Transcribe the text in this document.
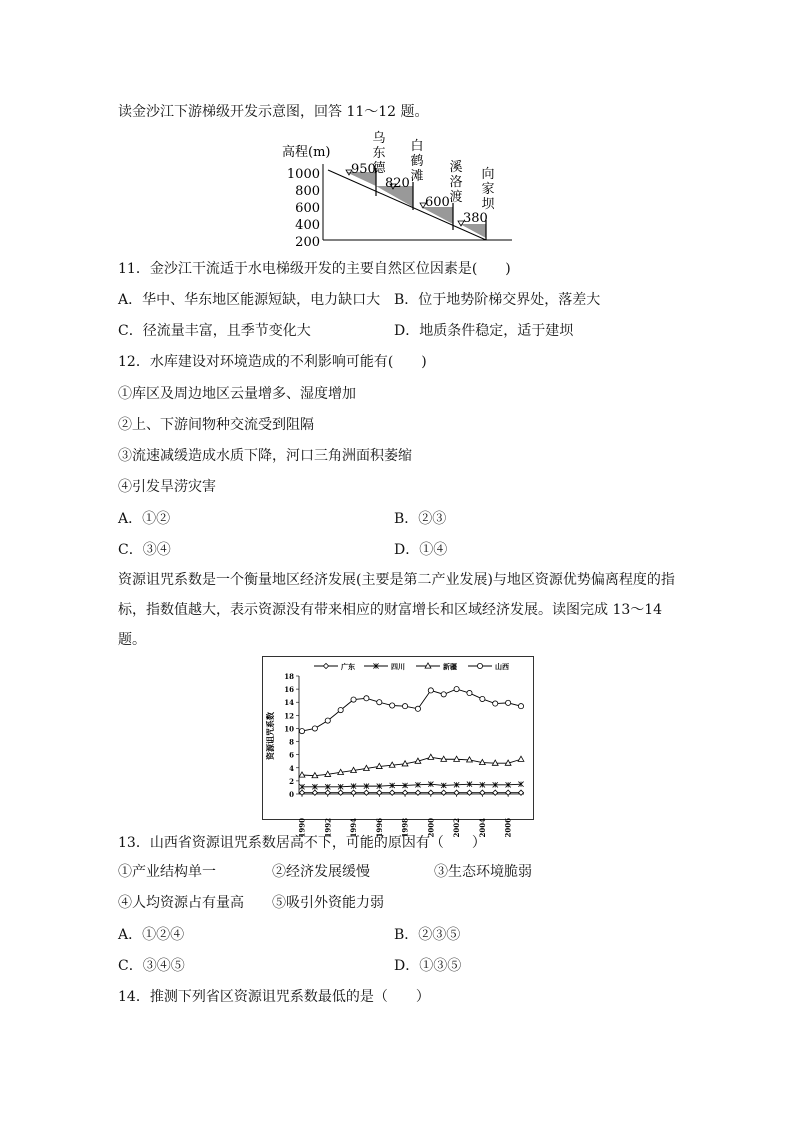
读金沙江下游梯级开发示意图，回答 11～12 题。
高程(m)
1000
800
600
400
200
950
820
600
380
乌
东
德
白
鹤
滩
溪
洛
渡
向
家
坝
11．金沙江干流适于水电梯级开发的主要自然区位因素是(　　)
A．华中、华东地区能源短缺，电力缺口大 B．位于地势阶梯交界处，落差大
C．径流量丰富，且季节变化大	D．地质条件稳定，适于建坝
12．水库建设对环境造成的不利影响可能有(　　)
①库区及周边地区云量增多、湿度增加
②上、下游间物种交流受到阻隔
③流速减缓造成水质下降，河口三角洲面积萎缩
④引发旱涝灾害
A．①②	B．②③
C．③④	D．①④
资源诅咒系数是一个衡量地区经济发展(主要是第二产业发展)与地区资源优势偏离程度的指标，指数值越大，表示资源没有带来相应的财富增长和区域经济发展。读图完成 13～14 题。
资源诅咒系数
广东	四川	新疆	山西
0
2
4
6
8
10
12
14
16
18
1990 1992 1994 1996 1998 2000 2002 2004 2006
13．山西省资源诅咒系数居高不下，可能的原因有（　　）
①产业结构单一	②经济发展缓慢	③生态环境脆弱
④人均资源占有量高 ⑤吸引外资能力弱
A．①②④	B．②③⑤
C．③④⑤	D．①③⑤
14．推测下列省区资源诅咒系数最低的是（　　）
